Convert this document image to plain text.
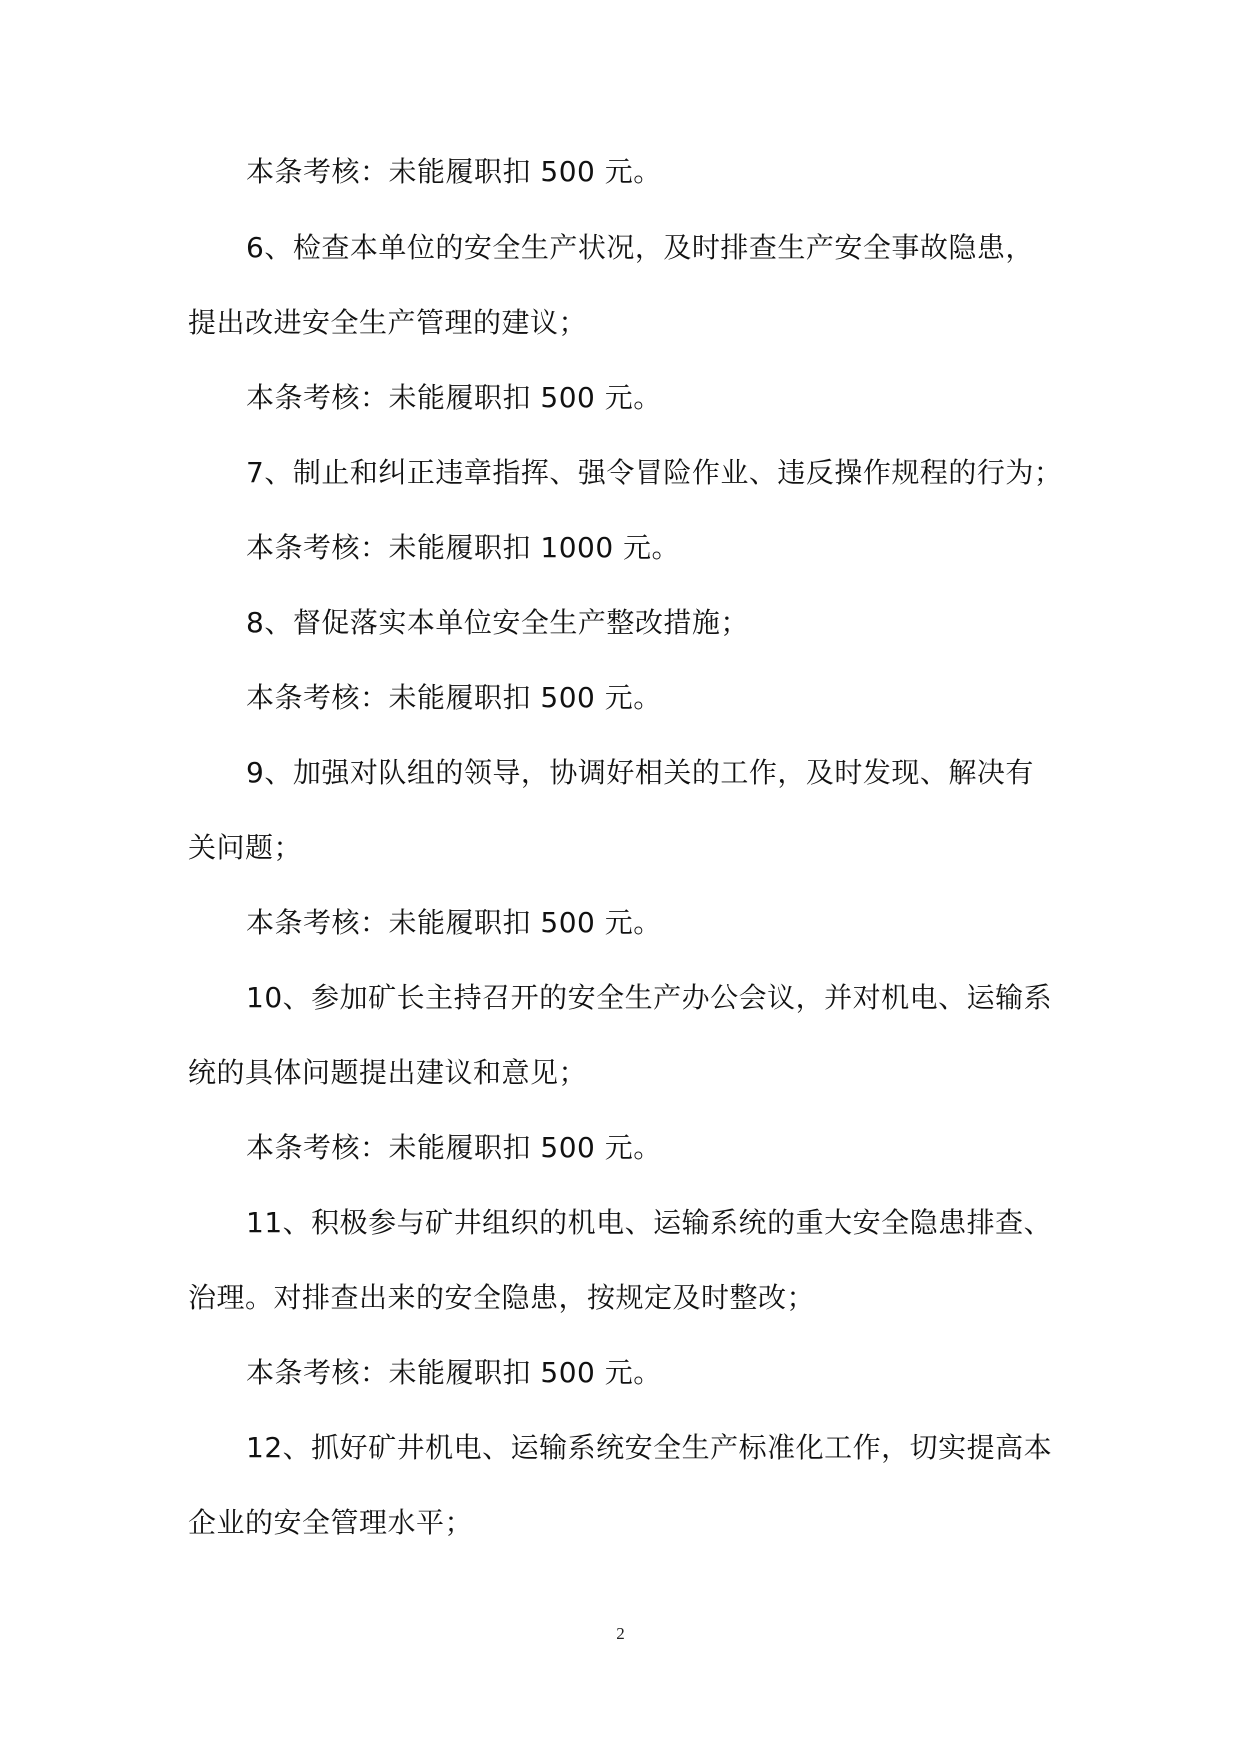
本条考核：未能履职扣 500 元。
6、检查本单位的安全生产状况，及时排查生产安全事故隐患，
提出改进安全生产管理的建议；
本条考核：未能履职扣 500 元。
7、制止和纠正违章指挥、强令冒险作业、违反操作规程的行为；
本条考核：未能履职扣 1000 元。
8、督促落实本单位安全生产整改措施；
本条考核：未能履职扣 500 元。
9、加强对队组的领导，协调好相关的工作，及时发现、解决有
关问题；
本条考核：未能履职扣 500 元。
10、参加矿长主持召开的安全生产办公会议，并对机电、运输系
统的具体问题提出建议和意见；
本条考核：未能履职扣 500 元。
11、积极参与矿井组织的机电、运输系统的重大安全隐患排查、
治理。对排查出来的安全隐患，按规定及时整改；
本条考核：未能履职扣 500 元。
12、抓好矿井机电、运输系统安全生产标准化工作，切实提高本
企业的安全管理水平；
2
